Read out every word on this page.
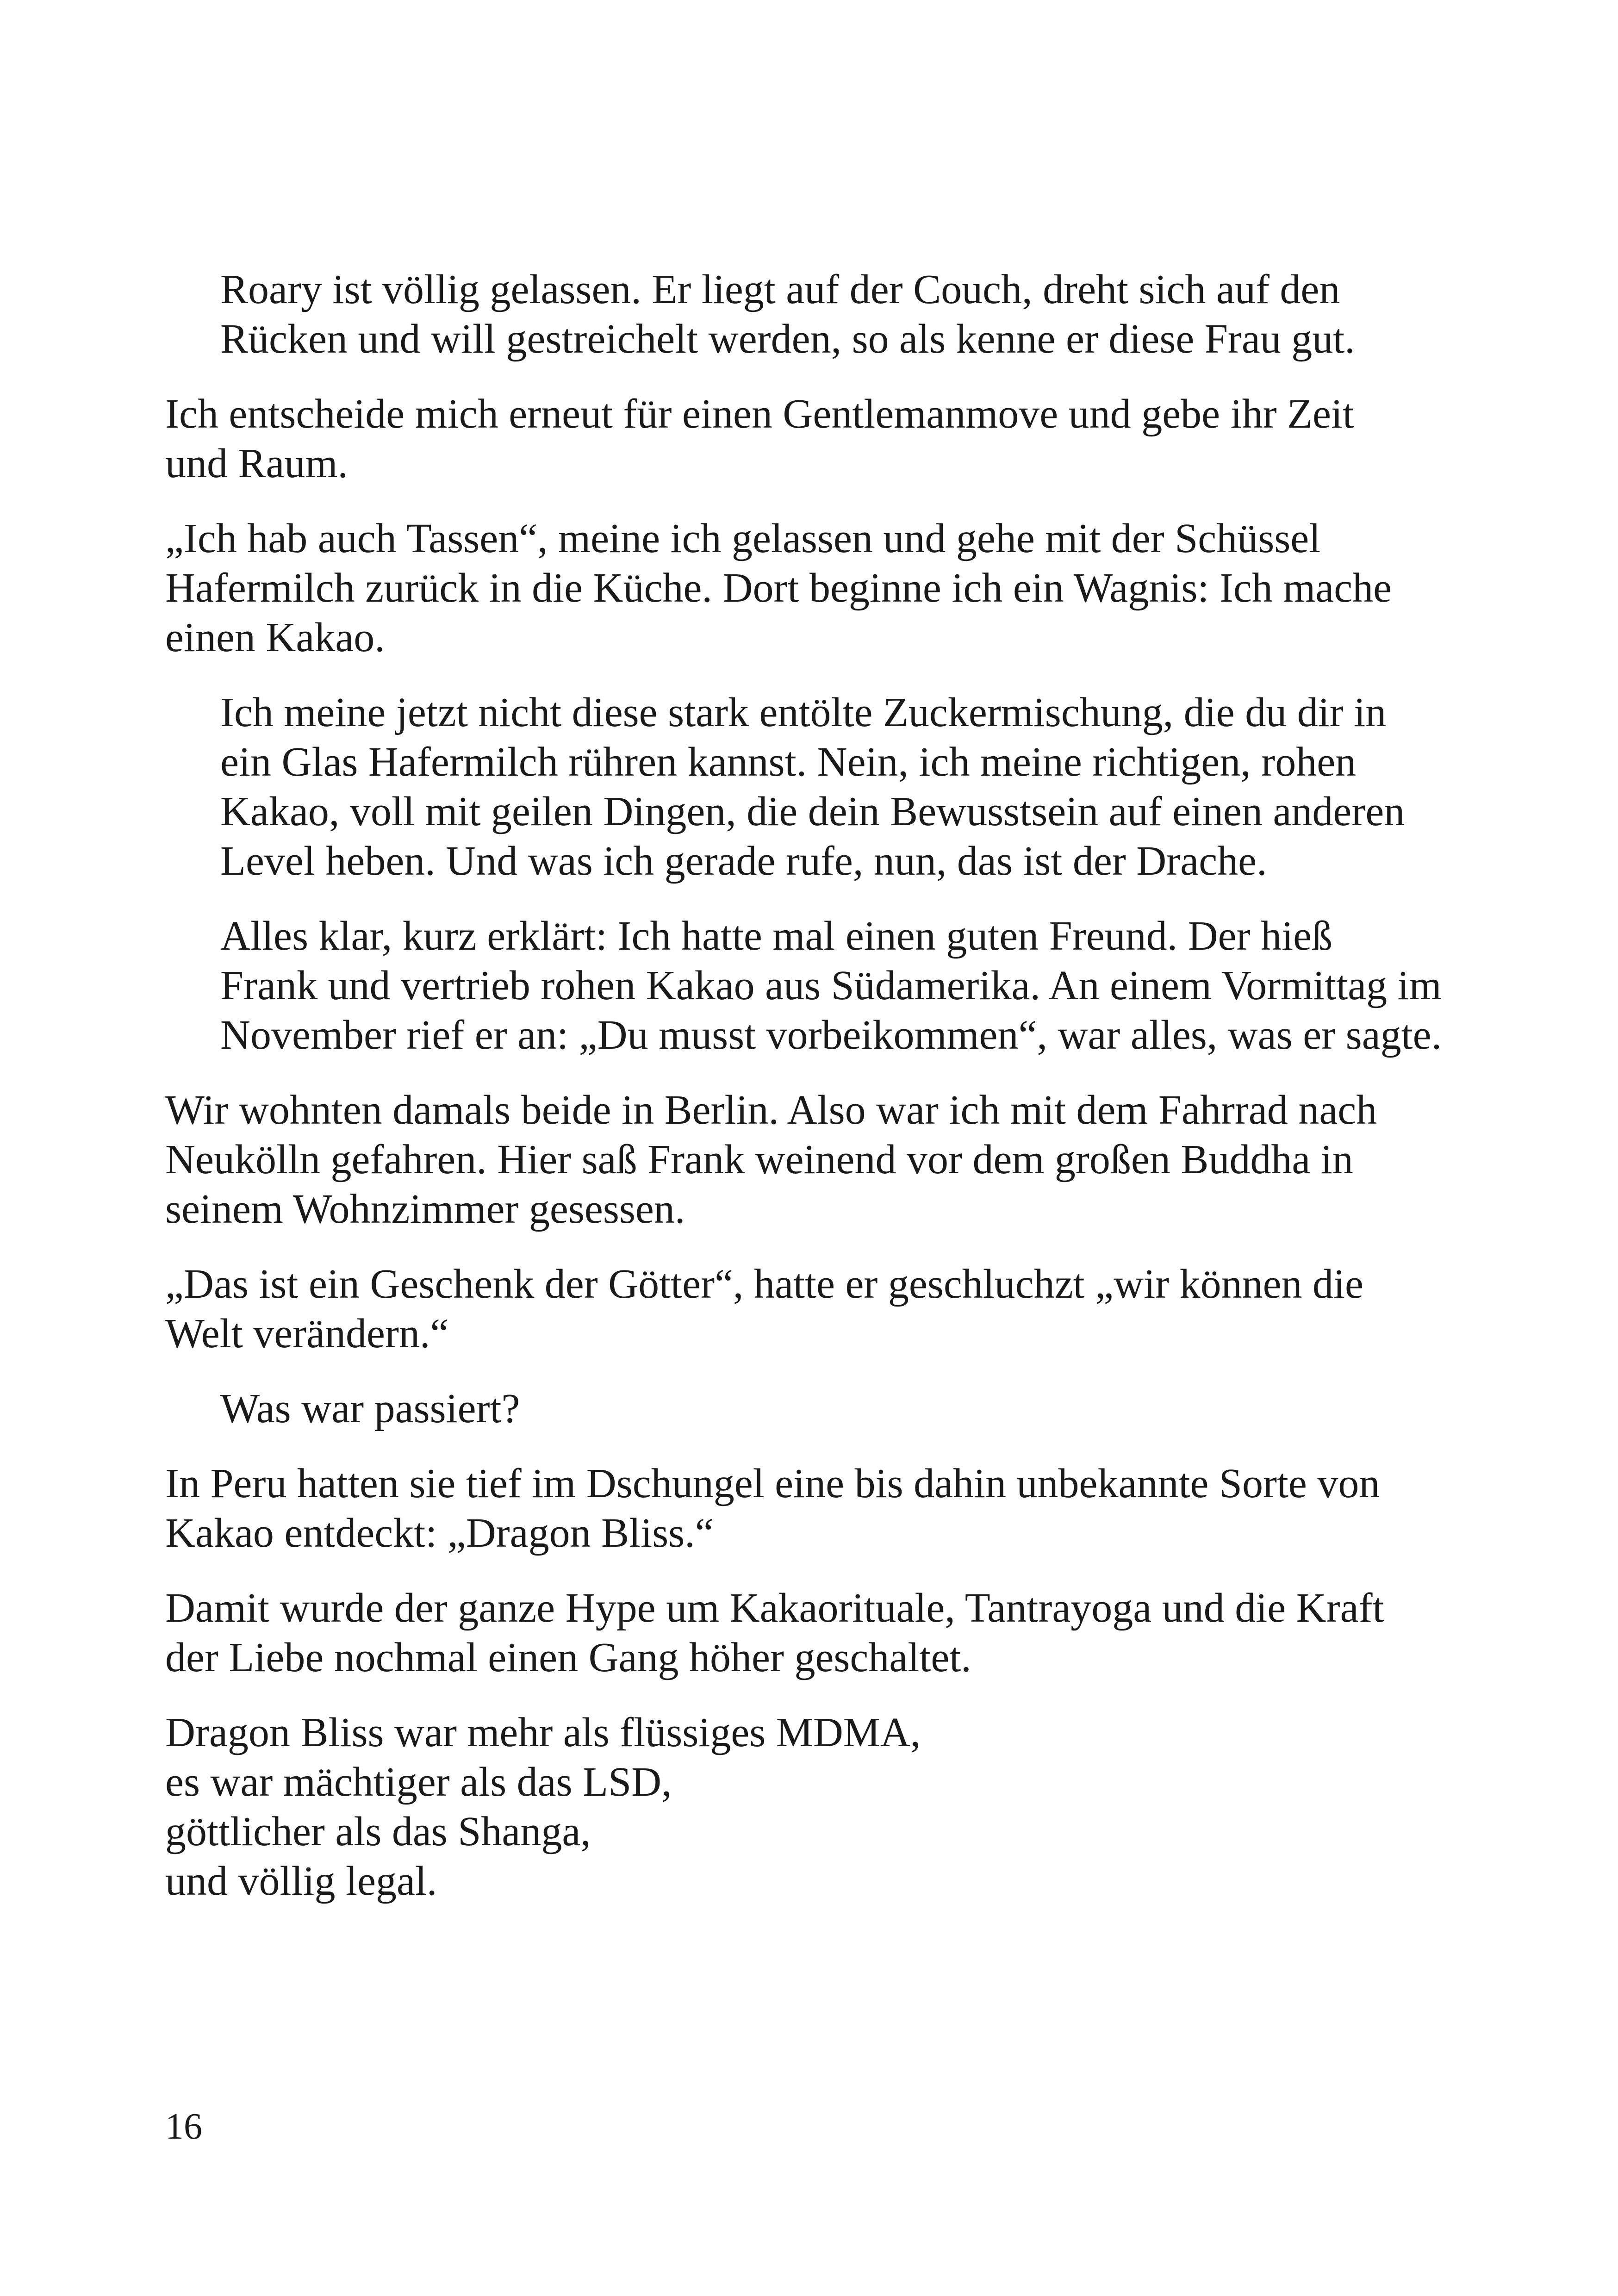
Roary ist völlig gelassen. Er liegt auf der Couch, dreht sich auf den
Rücken und will gestreichelt werden, so als kenne er diese Frau gut.

Ich entscheide mich erneut für einen Gentlemanmove und gebe ihr Zeit
und Raum.

„Ich hab auch Tassen“, meine ich gelassen und gehe mit der Schüssel
Hafermilch zurück in die Küche. Dort beginne ich ein Wagnis: Ich mache
einen Kakao.

Ich meine jetzt nicht diese stark entölte Zuckermischung, die du dir in
ein Glas Hafermilch rühren kannst. Nein, ich meine richtigen, rohen
Kakao, voll mit geilen Dingen, die dein Bewusstsein auf einen anderen
Level heben. Und was ich gerade rufe, nun, das ist der Drache.

Alles klar, kurz erklärt: Ich hatte mal einen guten Freund. Der hieß
Frank und vertrieb rohen Kakao aus Südamerika. An einem Vormittag im
November rief er an: „Du musst vorbeikommen“, war alles, was er sagte.

Wir wohnten damals beide in Berlin. Also war ich mit dem Fahrrad nach
Neukölln gefahren. Hier saß Frank weinend vor dem großen Buddha in
seinem Wohnzimmer gesessen.

„Das ist ein Geschenk der Götter“, hatte er geschluchzt „wir können die
Welt verändern.“

Was war passiert?

In Peru hatten sie tief im Dschungel eine bis dahin unbekannte Sorte von
Kakao entdeckt: „Dragon Bliss.“

Damit wurde der ganze Hype um Kakaorituale, Tantrayoga und die Kraft
der Liebe nochmal einen Gang höher geschaltet.

Dragon Bliss war mehr als flüssiges MDMA,
es war mächtiger als das LSD,
göttlicher als das Shanga,
und völlig legal.

16
